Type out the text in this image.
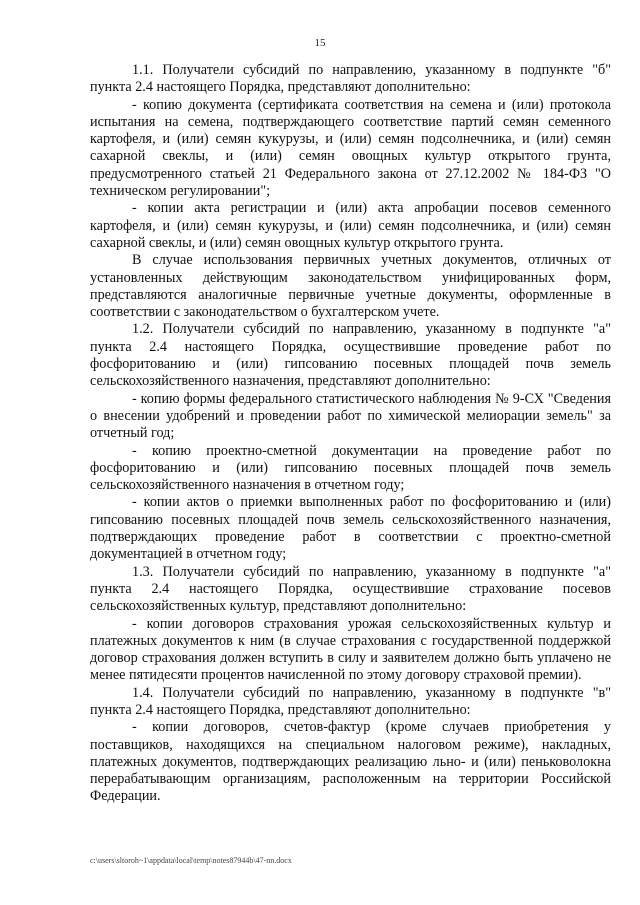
15

1.1. Получатели субсидий по направлению, указанному в подпункте "б" пункта 2.4 настоящего Порядка, представляют дополнительно:

- копию документа (сертификата соответствия на семена и (или) протокола испытания на семена, подтверждающего соответствие партий семян семенного картофеля, и (или) семян кукурузы, и (или) семян подсолнечника, и (или) семян сахарной свеклы, и (или) семян овощных культур открытого грунта, предусмотренного статьей 21 Федерального закона от 27.12.2002 № 184-ФЗ "О техническом регулировании";

- копии акта регистрации и (или) акта апробации посевов семенного картофеля, и (или) семян кукурузы, и (или) семян подсолнечника, и (или) семян сахарной свеклы, и (или) семян овощных культур открытого грунта.

В случае использования первичных учетных документов, отличных от установленных действующим законодательством унифицированных форм, представляются аналогичные первичные учетные документы, оформленные в соответствии с законодательством о бухгалтерском учете.

1.2. Получатели субсидий по направлению, указанному в подпункте "а" пункта 2.4 настоящего Порядка, осуществившие проведение работ по фосфоритованию и (или) гипсованию посевных площадей почв земель сельскохозяйственного назначения, представляют дополнительно:

- копию формы федерального статистического наблюдения № 9-СХ "Сведения о внесении удобрений и проведении работ по химической мелиорации земель" за отчетный год;

- копию проектно-сметной документации на проведение работ по фосфоритованию и (или) гипсованию посевных площадей почв земель сельскохозяйственного назначения в отчетном году;

- копии актов о приемки выполненных работ по фосфоритованию и (или) гипсованию посевных площадей почв земель сельскохозяйственного назначения, подтверждающих проведение работ в соответствии с проектно-сметной документацией в отчетном году;

1.3. Получатели субсидий по направлению, указанному в подпункте "а" пункта 2.4 настоящего Порядка, осуществившие страхование посевов сельскохозяйственных культур, представляют дополнительно:

- копии договоров страхования урожая сельскохозяйственных культур и платежных документов к ним (в случае страхования с государственной поддержкой договор страхования должен вступить в силу и заявителем должно быть уплачено не менее пятидесяти процентов начисленной по этому договору страховой премии).

1.4. Получатели субсидий по направлению, указанному в подпункте "в" пункта 2.4 настоящего Порядка, представляют дополнительно:

- копии договоров, счетов-фактур (кроме случаев приобретения у поставщиков, находящихся на специальном налоговом режиме), накладных, платежных документов, подтверждающих реализацию льно- и (или) пеньковолокна перерабатывающим организациям, расположенным на территории Российской Федерации.

c:\users\sltoroh~1\appdata\local\temp\notes87944b\47-nn.docx
